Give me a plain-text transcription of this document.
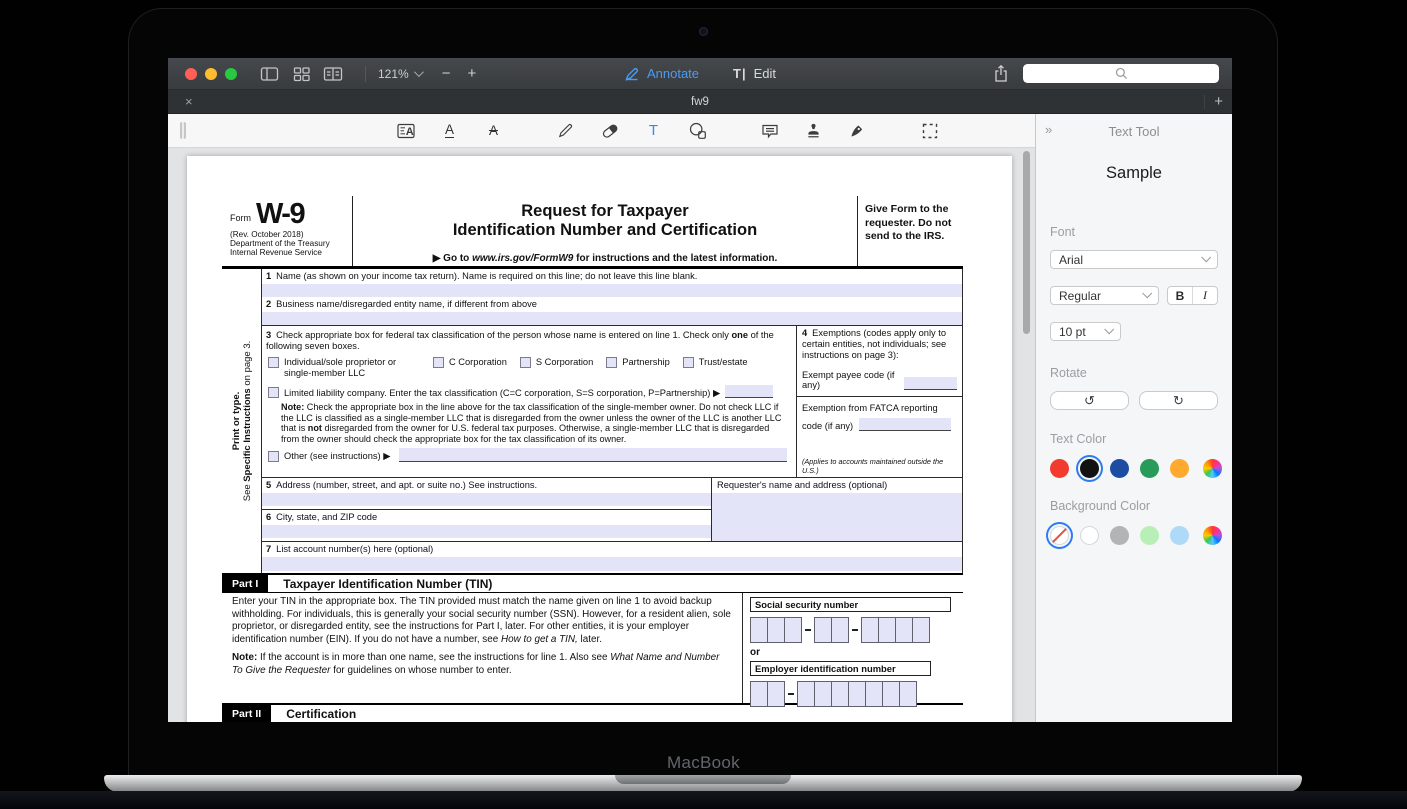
121%	−	+	Annotate	T| Edit
×	fw9	+
A A	A	T
Form W-9
(Rev. October 2018)
Department of the Treasury
Internal Revenue Service
Request for Taxpayer
Identification Number and Certification
▶ Go to www.irs.gov/FormW9 for instructions and the latest information.
Give Form to the requester. Do not send to the IRS.
Print or type.
See Specific Instructions on page 3.
1 Name (as shown on your income tax return). Name is required on this line; do not leave this line blank.
2 Business name/disregarded entity name, if different from above
3 Check appropriate box for federal tax classification of the person whose name is entered on line 1. Check only one of the following seven boxes.
Individual/sole proprietor or single-member LLC
C Corporation	S Corporation	Partnership	Trust/estate
Limited liability company. Enter the tax classification (C=C corporation, S=S corporation, P=Partnership) ▶
Note: Check the appropriate box in the line above for the tax classification of the single-member owner. Do not check LLC if the LLC is classified as a single-member LLC that is disregarded from the owner unless the owner of the LLC is another LLC that is not disregarded from the owner for U.S. federal tax purposes. Otherwise, a single-member LLC that is disregarded from the owner should check the appropriate box for the tax classification of its owner.
Other (see instructions) ▶
4 Exemptions (codes apply only to certain entities, not individuals; see instructions on page 3):
Exempt payee code (if any)
Exemption from FATCA reporting
code (if any)
(Applies to accounts maintained outside the U.S.)
5 Address (number, street, and apt. or suite no.) See instructions.
6 City, state, and ZIP code
Requester's name and address (optional)
7 List account number(s) here (optional)
Part I	Taxpayer Identification Number (TIN)

Enter your TIN in the appropriate box. The TIN provided must match the name given on line 1 to avoid backup withholding. For individuals, this is generally your social security number (SSN). However, for a resident alien, sole proprietor, or disregarded entity, see the instructions for Part I, later. For other entities, it is your employer identification number (EIN). If you do not have a number, see How to get a TIN, later.

Note: If the account is in more than one name, see the instructions for line 1. Also see What Name and Number To Give the Requester for guidelines on whose number to enter.

Social security number
or
Employer identification number
Part II	Certification
»	Text Tool
Sample
Font
Arial
Regular	B	I
10 pt
Rotate
↺	↻
Text Color
Background Color
MacBook
